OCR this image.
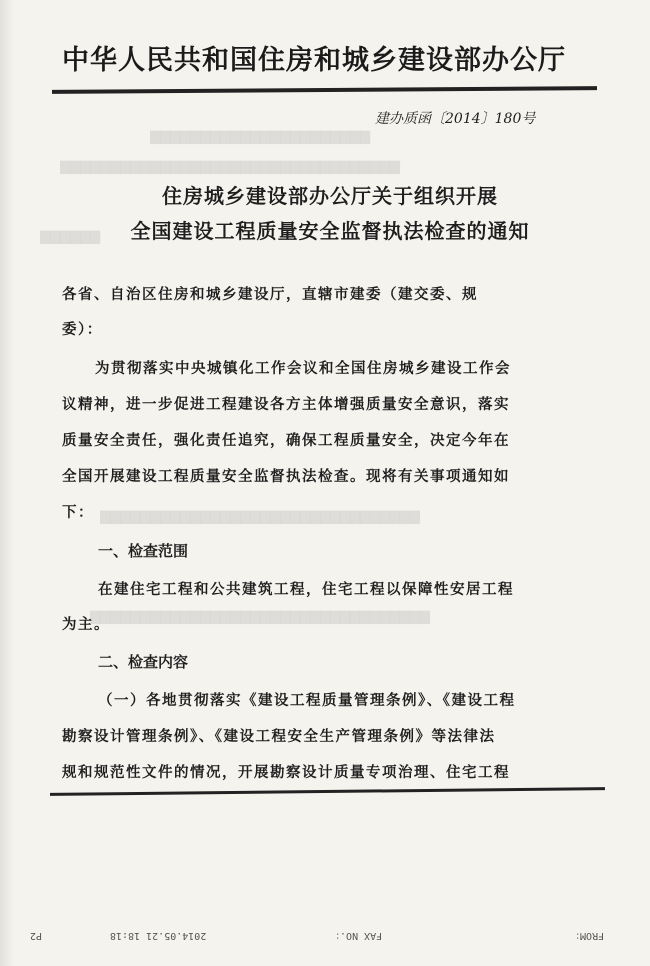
▇▇▇▇▇▇▇▇▇▇▇▇▇▇▇▇▇▇▇▇▇▇
▇▇▇▇▇▇▇▇▇▇▇▇▇▇▇▇▇▇▇▇▇▇▇▇▇▇▇▇▇▇▇▇▇▇
▇▇▇▇▇▇
▇▇▇▇▇▇▇▇▇▇▇▇▇▇▇▇▇▇▇▇▇▇▇▇▇▇▇▇▇▇▇▇
▇▇▇▇▇▇▇▇▇▇▇▇▇▇▇▇▇▇▇▇▇▇▇▇▇▇▇▇▇▇▇▇▇▇
中华人民共和国住房和城乡建设部办公厅
建办质函〔2014〕180号
住房城乡建设部办公厅关于组织开展
全国建设工程质量安全监督执法检查的通知
各省、自治区住房和城乡建设厅，直辖市建委（建交委、规
委）：
为贯彻落实中央城镇化工作会议和全国住房城乡建设工作会
议精神，进一步促进工程建设各方主体增强质量安全意识，落实
质量安全责任，强化责任追究，确保工程质量安全，决定今年在
全国开展建设工程质量安全监督执法检查。现将有关事项通知如
下：
一、检查范围
在建住宅工程和公共建筑工程，住宅工程以保障性安居工程
为主。
二、检查内容
（一）各地贯彻落实《建设工程质量管理条例》、《建设工程
勘察设计管理条例》、《建设工程安全生产管理条例》等法律法
规和规范性文件的情况，开展勘察设计质量专项治理、住宅工程
FROM：
FAX NO.：
2014.05.21 18:18
P2
